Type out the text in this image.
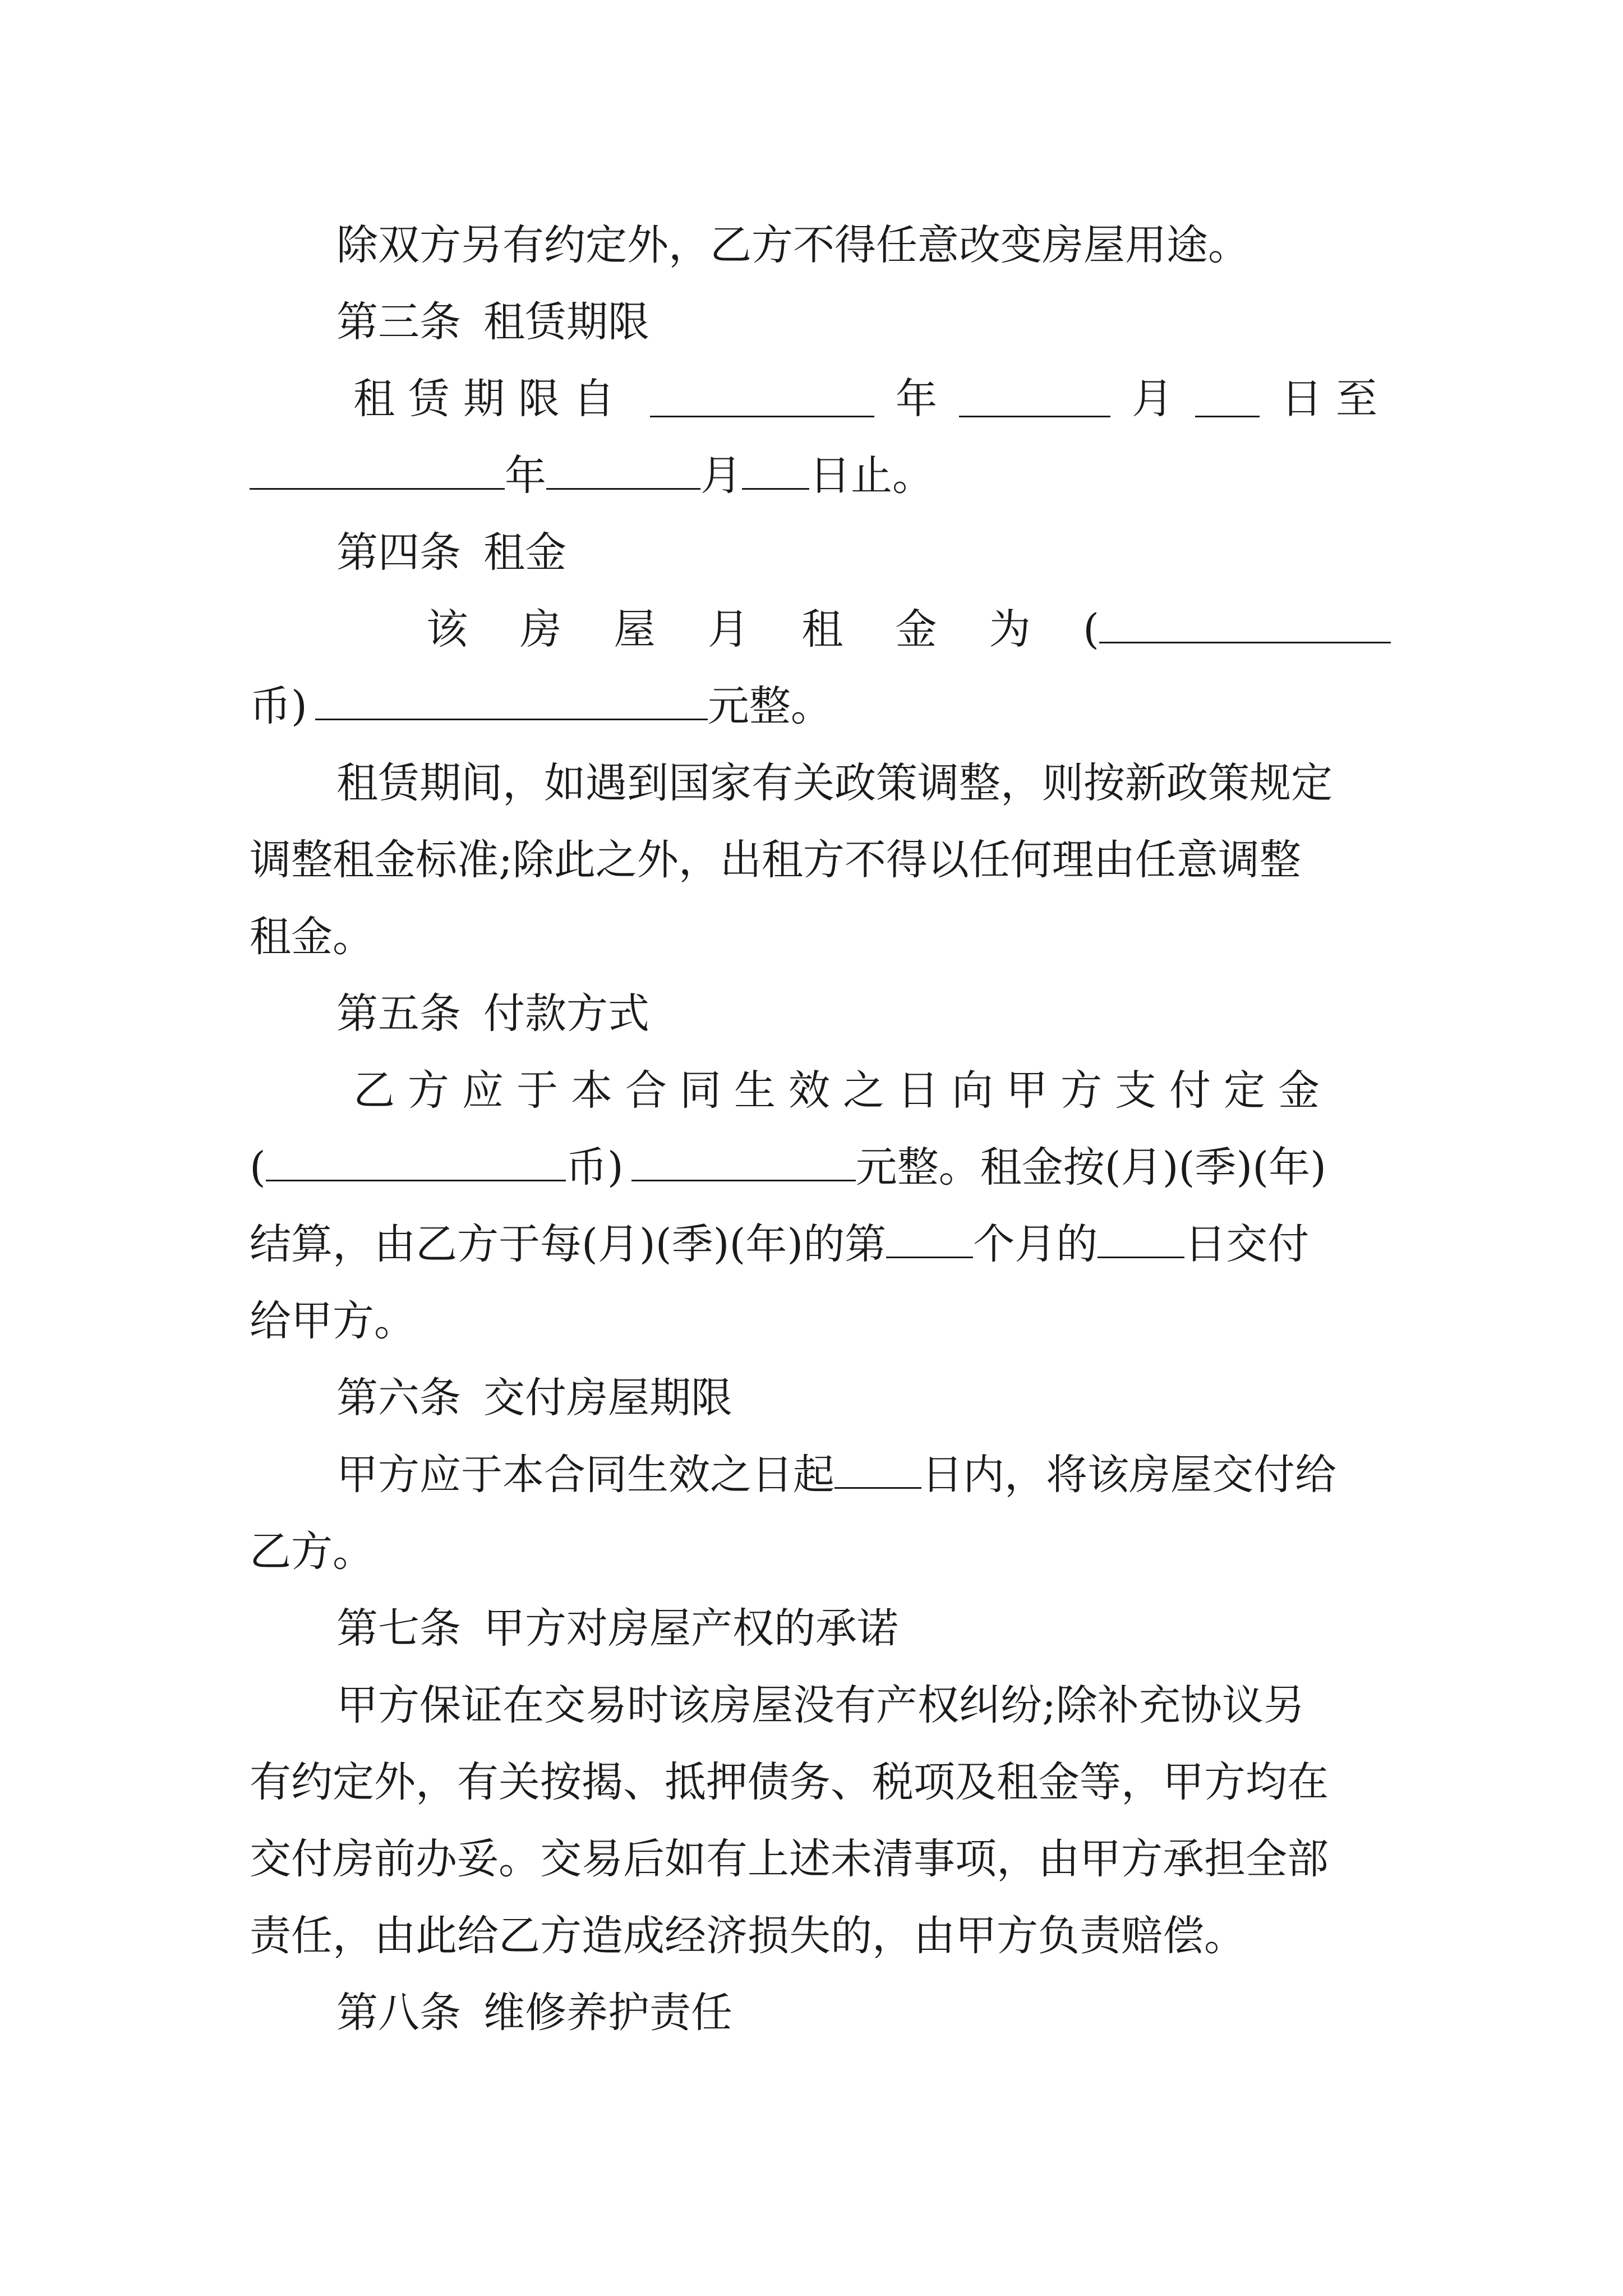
除双方另有约定外，乙方不得任意改变房屋用途。
第三条 租赁期限
租赁期限自	年	月	日至
年	月 日止。
第四条 租金
该 房 屋 月 租 金 为 (
币)	元整。
租赁期间，如遇到国家有关政策调整，则按新政策规定
调整租金标准;除此之外，出租方不得以任何理由任意调整
租金。
第五条 付款方式
乙方应于本合同生效之日向甲方支付定金
(	币)	元整。租金按(月)(季)(年)
结算，由乙方于每(月)(季)(年)的第 个月的 日交付
给甲方。
第六条 交付房屋期限
甲方应于本合同生效之日起 日内，将该房屋交付给
乙方。
第七条 甲方对房屋产权的承诺
甲方保证在交易时该房屋没有产权纠纷;除补充协议另
有约定外，有关按揭、抵押债务、税项及租金等，甲方均在
交付房前办妥。交易后如有上述未清事项，由甲方承担全部
责任，由此给乙方造成经济损失的，由甲方负责赔偿。
第八条 维修养护责任
